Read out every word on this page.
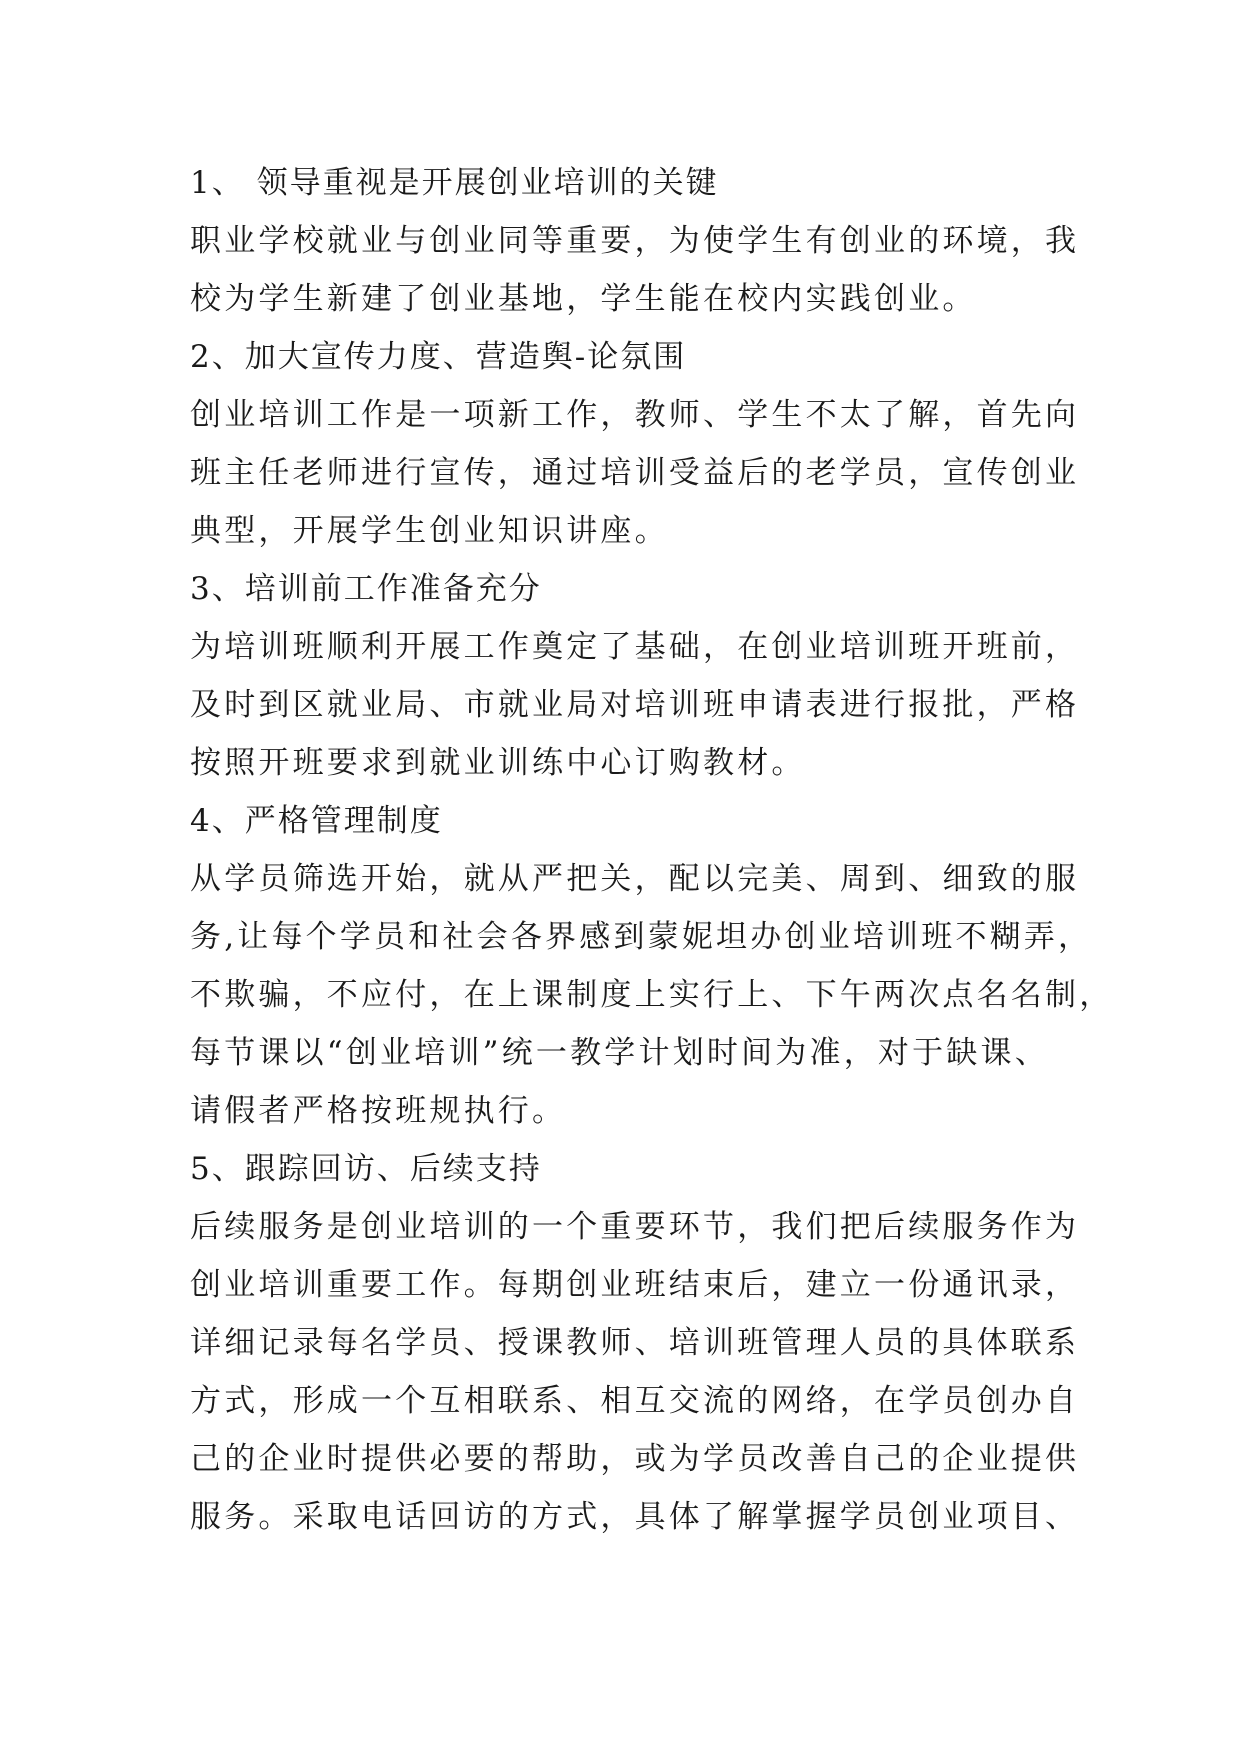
1、 领导重视是开展创业培训的关键
职业学校就业与创业同等重要，为使学生有创业的环境，我
校为学生新建了创业基地，学生能在校内实践创业。
2、加大宣传力度、营造舆-论氛围
创业培训工作是一项新工作，教师、学生不太了解，首先向
班主任老师进行宣传，通过培训受益后的老学员，宣传创业
典型，开展学生创业知识讲座。
3、培训前工作准备充分
为培训班顺利开展工作奠定了基础，在创业培训班开班前，
及时到区就业局、市就业局对培训班申请表进行报批，严格
按照开班要求到就业训练中心订购教材。
4、严格管理制度
从学员筛选开始，就从严把关，配以完美、周到、细致的服
务,让每个学员和社会各界感到蒙妮坦办创业培训班不糊弄，
不欺骗，不应付，在上课制度上实行上、下午两次点名名制，
每节课以“创业培训”统一教学计划时间为准，对于缺课、
请假者严格按班规执行。
5、跟踪回访、后续支持
后续服务是创业培训的一个重要环节，我们把后续服务作为
创业培训重要工作。每期创业班结束后，建立一份通讯录，
详细记录每名学员、授课教师、培训班管理人员的具体联系
方式，形成一个互相联系、相互交流的网络，在学员创办自
己的企业时提供必要的帮助，或为学员改善自己的企业提供
服务。采取电话回访的方式，具体了解掌握学员创业项目、
